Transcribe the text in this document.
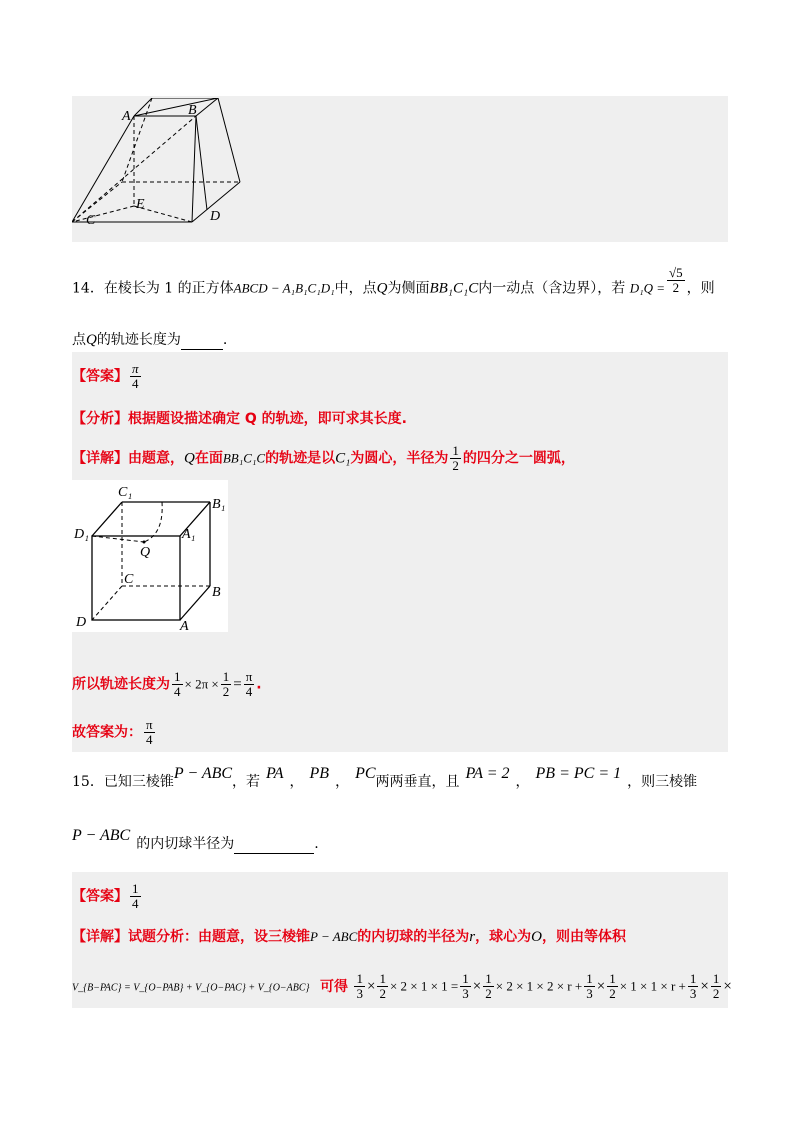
A	B
E
C	D
14．在棱长为 1 的正方体ABCD − A₁B₁C₁D₁中，点Q为侧面BB₁C₁C内一动点（含边界），若 $D_1Q = \frac{√5}{2}$ ，则
点Q的轨迹长度为	.
【答案】 $\frac{\pi}{4}$
【分析】根据题设描述确定 Q 的轨迹，即可求其长度.
【详解】由题意，Q在面BB₁C₁C的轨迹是以C₁为圆心，半径为 $\frac{1}{2}$ 的四分之一圆弧，
C₁
B₁
D₁	A₁
Q
C
B
D	A
所以轨迹长度为 $\frac{1}{4} \times 2\pi \times \frac{1}{2} = \frac{\pi}{4}$ .
故答案为： $\frac{\pi}{4}$
15．已知三棱锥P − ABC，若 PA ， PB ， PC两两垂直，且 PA = 2 ， PB = PC = 1 ，则三棱锥
P − ABC 的内切球半径为	.
【答案】 $\frac{1}{4}$
【详解】试题分析：由题意，设三棱锥P − ABC的内切球的半径为r，球心为O，则由等体积
V_{B−PAC} = V_{O−PAB} + V_{O−PAC} + V_{O−ABC} 可得 $\frac{1}{3} \times \frac{1}{2} \times 2 \times 1 \times 1 = \frac{1}{3} \times \frac{1}{2} \times 2 \times 1 \times 2 \times r + \frac{1}{3} \times \frac{1}{2} \times 1 \times 1 \times r + \frac{1}{3} \times \frac{1}{2}$ ×
